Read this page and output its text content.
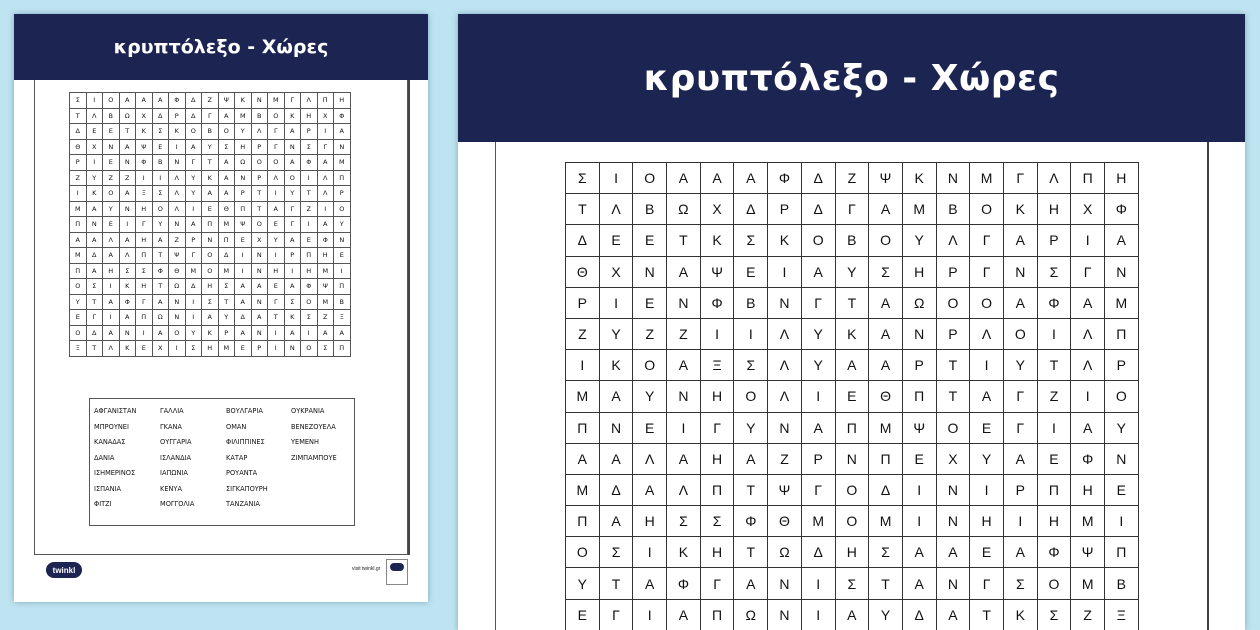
κρυπτόλεξο - Χώρες
Σ	Ι	Ο	Α	Α	Α	Φ	Δ	Ζ	Ψ	Κ	Ν	Μ	Γ	Λ	Π	Η
Τ	Λ	Β	Ω	Χ	Δ	Ρ	Δ	Γ	Α	Μ	Β	Ο	Κ	Η	Χ	Φ
Δ	Ε	Ε	Τ	Κ	Σ	Κ	Ο	Β	Ο	Υ	Λ	Γ	Α	Ρ	Ι	Α
Θ	Χ	Ν	Α	Ψ	Ε	Ι	Α	Υ	Σ	Η	Ρ	Γ	Ν	Σ	Γ	Ν
Ρ	Ι	Ε	Ν	Φ	Β	Ν	Γ	Τ	Α	Ω	Ο	Ο	Α	Φ	Α	Μ
Ζ	Υ	Ζ	Ζ	Ι	Ι	Λ	Υ	Κ	Α	Ν	Ρ	Λ	Ο	Ι	Λ	Π
Ι	Κ	Ο	Α	Ξ	Σ	Λ	Υ	Α	Α	Ρ	Τ	Ι	Υ	Τ	Λ	Ρ
Μ	Α	Υ	Ν	Η	Ο	Λ	Ι	Ε	Θ	Π	Τ	Α	Γ	Ζ	Ι	Ο
Π	Ν	Ε	Ι	Γ	Υ	Ν	Α	Π	Μ	Ψ	Ο	Ε	Γ	Ι	Α	Υ
Α	Α	Λ	Α	Η	Α	Ζ	Ρ	Ν	Π	Ε	Χ	Υ	Α	Ε	Φ	Ν
Μ	Δ	Α	Λ	Π	Τ	Ψ	Γ	Ο	Δ	Ι	Ν	Ι	Ρ	Π	Η	Ε
Π	Α	Η	Σ	Σ	Φ	Θ	Μ	Ο	Μ	Ι	Ν	Η	Ι	Η	Μ	Ι
Ο	Σ	Ι	Κ	Η	Τ	Ω	Δ	Η	Σ	Α	Α	Ε	Α	Φ	Ψ	Π
Υ	Τ	Α	Φ	Γ	Α	Ν	Ι	Σ	Τ	Α	Ν	Γ	Σ	Ο	Μ	Β
Ε	Γ	Ι	Α	Π	Ω	Ν	Ι	Α	Υ	Δ	Α	Τ	Κ	Σ	Ζ	Ξ
Ο	Δ	Α	Ν	Ι	Α	Ο	Υ	Κ	Ρ	Α	Ν	Ι	Α	Ι	Α	Α
Ξ	Τ	Λ	Κ	Ε	Χ	Ι	Σ	Η	Μ	Ε	Ρ	Ι	Ν	Ο	Σ	Π
ΑΦΓΑΝΙΣΤΑΝ
ΜΠΡΟΥΝΕΙ
ΚΑΝΑΔΑΣ
ΔΑΝΙΑ
ΙΣΗΜΕΡΙΝΟΣ
ΙΣΠΑΝΙΑ
ΦΙΤΖΙ
ΓΑΛΛΙΑ
ΓΚΑΝΑ
ΟΥΓΓΑΡΙΑ
ΙΣΛΑΝΔΙΑ
ΙΑΠΩΝΙΑ
ΚΕΝΥΑ
ΜΟΓΓΟΛΙΑ
ΒΟΥΛΓΑΡΙΑ
ΟΜΑΝ
ΦΙΛΙΠΠΙΝΕΣ
ΚΑΤΑΡ
ΡΟΥΑΝΤΑ
ΣΙΓΚΑΠΟΥΡΗ
ΤΑΝΖΑΝΙΑ
ΟΥΚΡΑΝΙΑ
ΒΕΝΕΖΟΥΕΛΑ
ΥΕΜΕΝΗ
ΖΙΜΠΑΜΠΟΥΕ
twinkl	visit twinkl.gr
κρυπτόλεξο - Χώρες
Σ	Ι	Ο	Α	Α	Α	Φ	Δ	Ζ	Ψ	Κ	Ν	Μ	Γ	Λ	Π	Η
Τ	Λ	Β	Ω	Χ	Δ	Ρ	Δ	Γ	Α	Μ	Β	Ο	Κ	Η	Χ	Φ
Δ	Ε	Ε	Τ	Κ	Σ	Κ	Ο	Β	Ο	Υ	Λ	Γ	Α	Ρ	Ι	Α
Θ	Χ	Ν	Α	Ψ	Ε	Ι	Α	Υ	Σ	Η	Ρ	Γ	Ν	Σ	Γ	Ν
Ρ	Ι	Ε	Ν	Φ	Β	Ν	Γ	Τ	Α	Ω	Ο	Ο	Α	Φ	Α	Μ
Ζ	Υ	Ζ	Ζ	Ι	Ι	Λ	Υ	Κ	Α	Ν	Ρ	Λ	Ο	Ι	Λ	Π
Ι	Κ	Ο	Α	Ξ	Σ	Λ	Υ	Α	Α	Ρ	Τ	Ι	Υ	Τ	Λ	Ρ
Μ	Α	Υ	Ν	Η	Ο	Λ	Ι	Ε	Θ	Π	Τ	Α	Γ	Ζ	Ι	Ο
Π	Ν	Ε	Ι	Γ	Υ	Ν	Α	Π	Μ	Ψ	Ο	Ε	Γ	Ι	Α	Υ
Α	Α	Λ	Α	Η	Α	Ζ	Ρ	Ν	Π	Ε	Χ	Υ	Α	Ε	Φ	Ν
Μ	Δ	Α	Λ	Π	Τ	Ψ	Γ	Ο	Δ	Ι	Ν	Ι	Ρ	Π	Η	Ε
Π	Α	Η	Σ	Σ	Φ	Θ	Μ	Ο	Μ	Ι	Ν	Η	Ι	Η	Μ	Ι
Ο	Σ	Ι	Κ	Η	Τ	Ω	Δ	Η	Σ	Α	Α	Ε	Α	Φ	Ψ	Π
Υ	Τ	Α	Φ	Γ	Α	Ν	Ι	Σ	Τ	Α	Ν	Γ	Σ	Ο	Μ	Β
Ε	Γ	Ι	Α	Π	Ω	Ν	Ι	Α	Υ	Δ	Α	Τ	Κ	Σ	Ζ	Ξ
